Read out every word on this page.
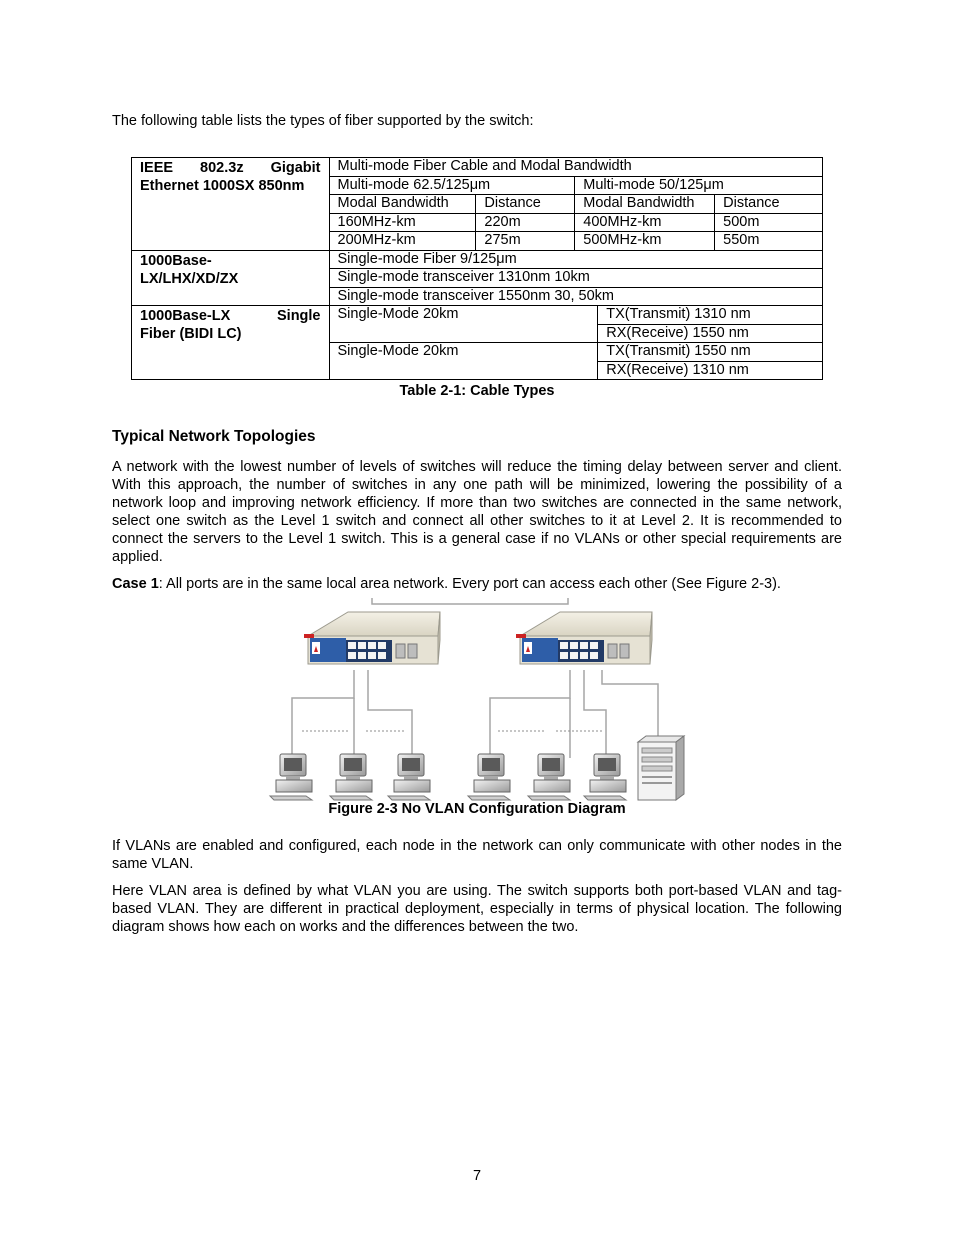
The following table lists the types of fiber supported by the switch:

IEEE 802.3z Gigabit
Ethernet 1000SX 850nm	Multi-mode Fiber Cable and Modal Bandwidth				
	Multi-mode 62.5/125μm		Multi-mode 50/125μm		
	Modal Bandwidth	Distance	Modal Bandwidth		Distance
	160MHz-km	220m	400MHz-km		500m
	200MHz-km	275m	500MHz-km		550m

1000Base-
LX/LHX/XD/ZX	Single-mode Fiber 9/125μm				
	Single-mode transceiver 1310nm 10km				
	Single-mode transceiver 1550nm 30, 50km				

1000Base-LX Single
Fiber (BIDI LC)	Single-Mode 20km			TX(Transmit) 1310 nm	
				RX(Receive) 1550 nm	
	Single-Mode 20km			TX(Transmit) 1550 nm	
				RX(Receive) 1310 nm	
Table 2-1: Cable Types
Typical Network Topologies

A network with the lowest number of levels of switches will reduce the timing delay between server and client. With this approach, the number of switches in any one path will be minimized, lowering the possibility of a network loop and improving network efficiency. If more than two switches are connected in the same network, select one switch as the Level 1 switch and connect all other switches to it at Level 2. It is recommended to connect the servers to the Level 1 switch. This is a general case if no VLANs or other special requirements are applied.

Case 1: All ports are in the same local area network. Every port can access each other (See Figure 2-3).

Figure 2-3 No VLAN Configuration Diagram

If VLANs are enabled and configured, each node in the network can only communicate with other nodes in the same VLAN.

Here VLAN area is defined by what VLAN you are using. The switch supports both port-based VLAN and tag-based VLAN. They are different in practical deployment, especially in terms of physical location. The following diagram shows how each on works and the differences between the two.

7
